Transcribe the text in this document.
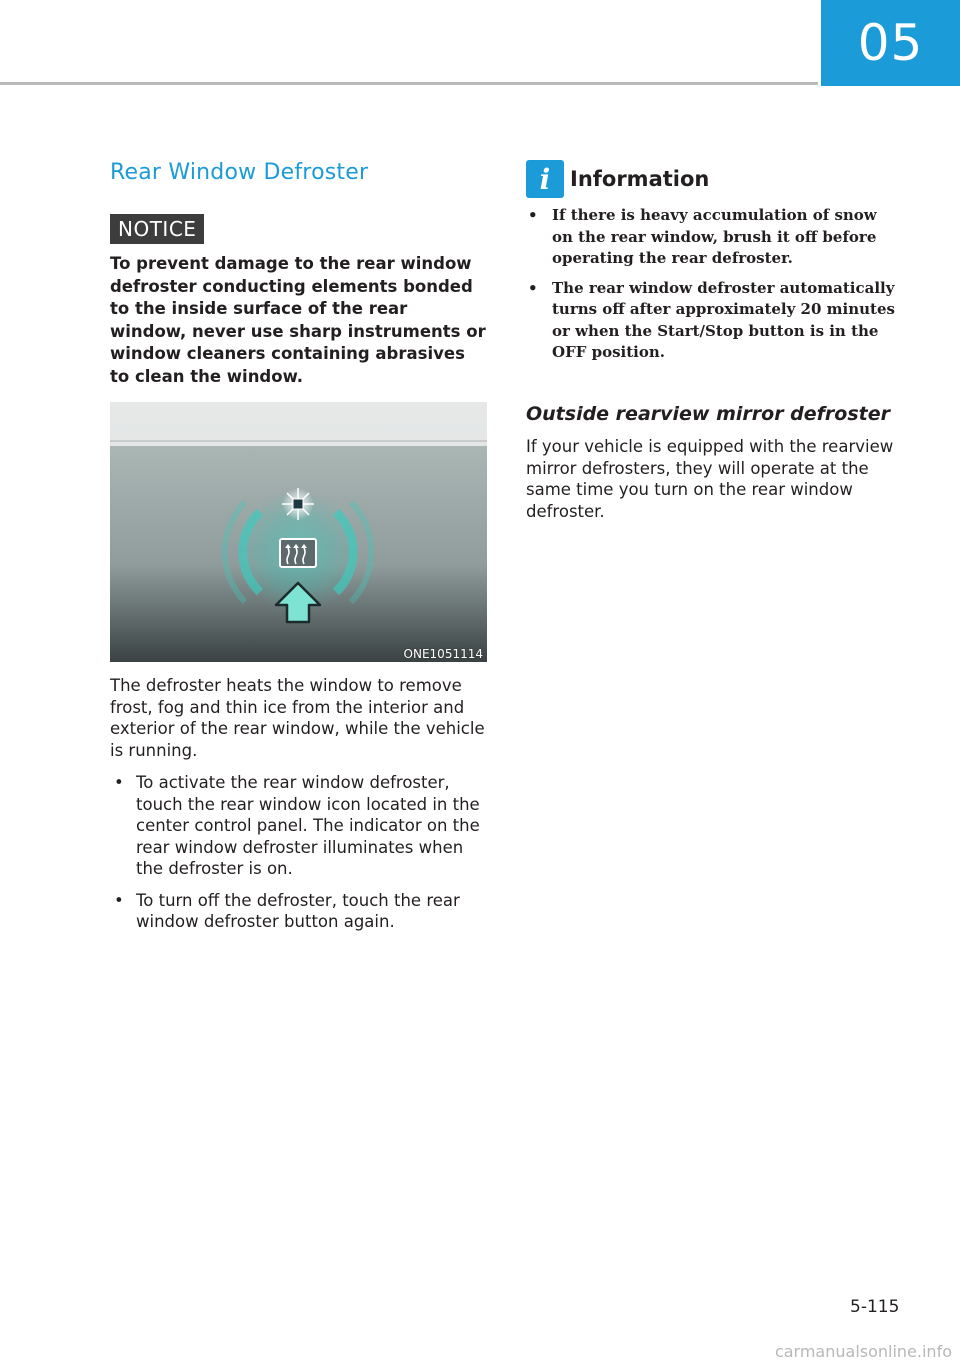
05
Rear Window Defroster
NOTICE
To prevent damage to the rear window defroster conducting elements bonded to the inside surface of the rear window, never use sharp instruments or window cleaners containing abrasives to clean the window.
ONE1051114

The defroster heats the window to remove frost, fog and thin ice from the interior and exterior of the rear window, while the vehicle is running.

• To activate the rear window defroster, touch the rear window icon located in the center control panel. The indicator on the rear window defroster illuminates when the defroster is on.
• To turn off the defroster, touch the rear window defroster button again.
i Information
• If there is heavy accumulation of snow on the rear window, brush it off before operating the rear defroster.
• The rear window defroster automatically turns off after approximately 20 minutes or when the Start/Stop button is in the OFF position.
Outside rearview mirror defroster

If your vehicle is equipped with the rearview mirror defrosters, they will operate at the same time you turn on the rear window defroster.

5-115
carmanualsonline.info
